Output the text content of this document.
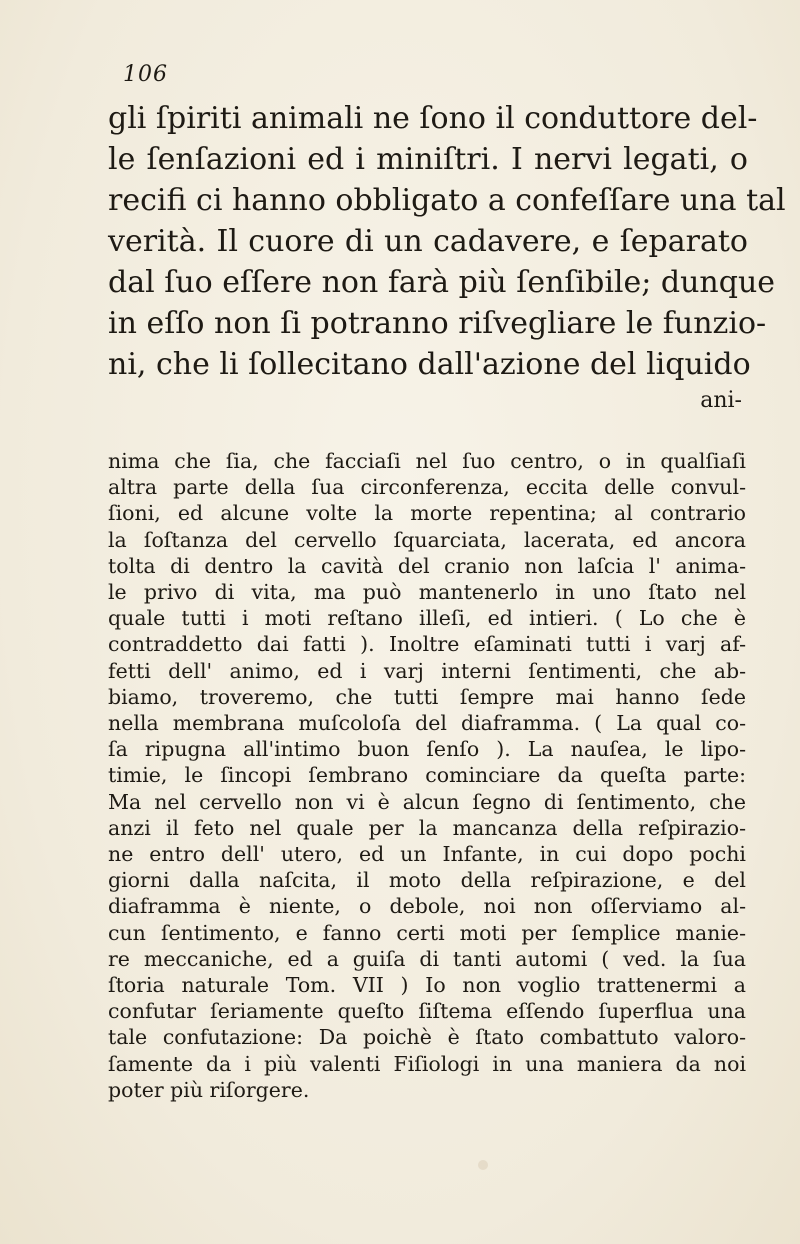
106
gli ſpiriti animali ne ſono il conduttore del-
le ſenſazioni ed i miniſtri. I nervi legati, o
recifi ci hanno obbligato a confeſſare una tal
verità. Il cuore di un cadavere, e ſeparato
dal ſuo eſſere non farà più ſenſibile; dunque
in eſſo non ſi potranno riſvegliare le funzio-
ni, che li ſollecitano dall'azione del liquido
ani-
nima che ſia, che facciaſi nel ſuo centro, o in qualſiaſi
altra parte della ſua circonferenza, eccita delle convul-
ſioni, ed alcune volte la morte repentina; al contrario
la ſoſtanza del cervello ſquarciata, lacerata, ed ancora
tolta di dentro la cavità del cranio non laſcia l' anima-
le privo di vita, ma può mantenerlo in uno ſtato nel
quale tutti i moti reſtano illeſi, ed intieri. ( Lo che è
contraddetto dai fatti ). Inoltre eſaminati tutti i varj af-
fetti dell' animo, ed i varj interni ſentimenti, che ab-
biamo, troveremo, che tutti ſempre mai hanno ſede
nella membrana muſcoloſa del diaframma. ( La qual co-
ſa ripugna all'intimo buon ſenſo ). La nauſea, le lipo-
timie, le ſincopi ſembrano cominciare da queſta parte:
Ma nel cervello non vi è alcun ſegno di ſentimento, che
anzi il feto nel quale per la mancanza della reſpirazio-
ne entro dell' utero, ed un Infante, in cui dopo pochi
giorni dalla naſcita, il moto della reſpirazione, e del
diaframma è niente, o debole, noi non oſſerviamo al-
cun ſentimento, e fanno certi moti per ſemplice manie-
re meccaniche, ed a guiſa di tanti automi ( ved. la ſua
ſtoria naturale Tom. VII ) Io non voglio trattenermi a
confutar ſeriamente queſto ſiſtema eſſendo ſuperflua una
tale confutazione: Da poichè è ſtato combattuto valoro-
ſamente da i più valenti Fiſiologi in una maniera da noi
poter più riſorgere.
